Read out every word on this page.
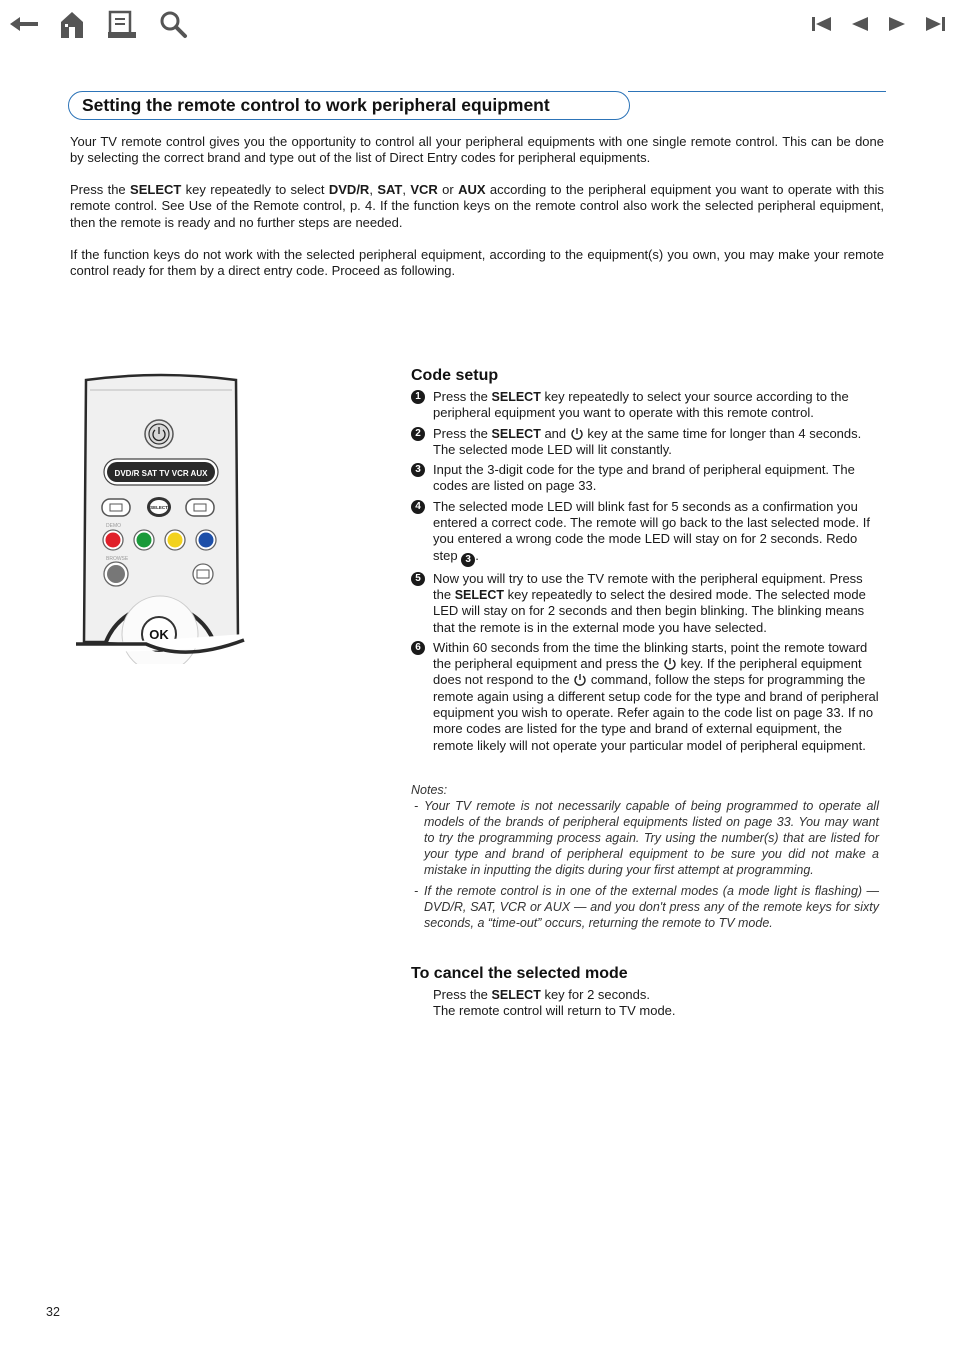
Setting the remote control to work peripheral equipment

Your TV remote control gives you the opportunity to control all your peripheral equipments with one single remote control. This can be done by selecting the correct brand and type out of the list of Direct Entry codes for peripheral equipments.

Press the SELECT key repeatedly to select DVD/R, SAT, VCR or AUX according to the peripheral equipment you want to operate with this remote control. See Use of the Remote control, p. 4. If the function keys on the remote control also work the selected peripheral equipment, then the remote is ready and no further steps are needed.

If the function keys do not work with the selected peripheral equipment, according to the equipment(s) you own, you may make your remote control ready for them by a direct entry code. Proceed as following.

DVD/R SAT TV VCR AUX
SELECT
DEMO
BROWSE
OK
Code setup
1 Press the SELECT key repeatedly to select your source according to the peripheral equipment you want to operate with this remote control.
2 Press the SELECT and  key at the same time for longer than 4 seconds. The selected mode LED will lit constantly.
3 Input the 3-digit code for the type and brand of peripheral equipment. The codes are listed on page 33.
4 The selected mode LED will blink fast for 5 seconds as a confirmation you entered a correct code. The remote will go back to the last selected mode. If you entered a wrong code the mode LED will stay on for 2 seconds. Redo step 3 .
5 Now you will try to use the TV remote with the peripheral equipment. Press the SELECT key repeatedly to select the desired mode. The selected mode LED will stay on for 2 seconds and then begin blinking. The blinking means that the remote is in the external mode you have selected.
6 Within 60 seconds from the time the blinking starts, point the remote toward the peripheral equipment and press the  key. If the peripheral equipment does not respond to the  command, follow the steps for programming the remote again using a different setup code for the type and brand of peripheral equipment you wish to operate. Refer again to the code list on page 33. If no more codes are listed for the type and brand of external equipment, the remote likely will not operate your particular model of peripheral equipment.
Notes:
- Your TV remote is not necessarily capable of being programmed to operate all models of the brands of peripheral equipments listed on page 33. You may want to try the programming process again. Try using the number(s) that are listed for your type and brand of peripheral equipment to be sure you did not make a mistake in inputting the digits during your first attempt at programming.
- If the remote control is in one of the external modes (a mode light is flashing) — DVD/R, SAT, VCR or AUX — and you don't press any of the remote keys for sixty seconds, a “time-out” occurs, returning the remote to TV mode.
To cancel the selected mode
Press the SELECT key for 2 seconds.
The remote control will return to TV mode.
32
